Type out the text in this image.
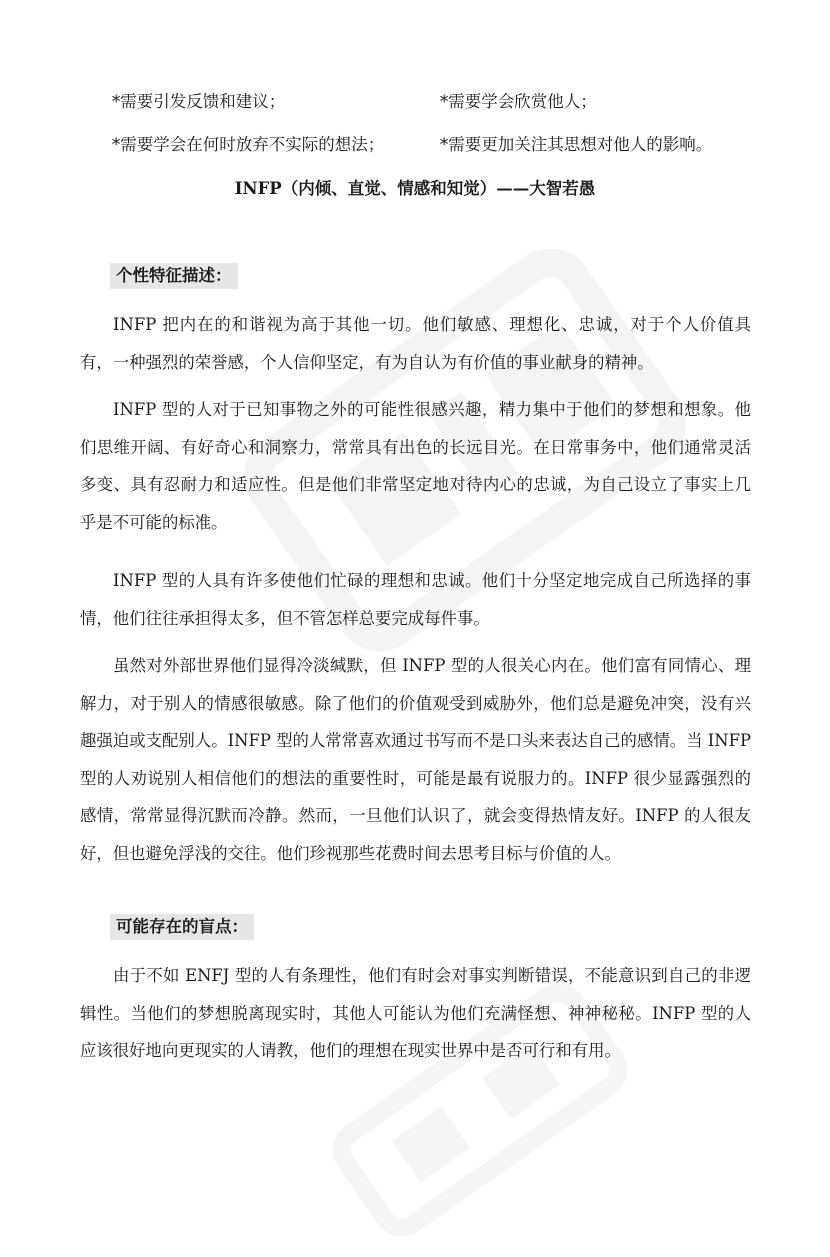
*需要引发反馈和建议；	*需要学会欣赏他人；
*需要学会在何时放弃不实际的想法；	*需要更加关注其思想对他人的影响。
INFP（内倾、直觉、情感和知觉）——大智若愚
个性特征描述：

INFP 把内在的和谐视为高于其他一切。他们敏感、理想化、忠诚，对于个人价值具有，一种强烈的荣誉感，个人信仰坚定，有为自认为有价值的事业献身的精神。

INFP 型的人对于已知事物之外的可能性很感兴趣，精力集中于他们的梦想和想象。他们思维开阔、有好奇心和洞察力，常常具有出色的长远目光。在日常事务中，他们通常灵活多变、具有忍耐力和适应性。但是他们非常坚定地对待内心的忠诚，为自己设立了事实上几乎是不可能的标准。

INFP 型的人具有许多使他们忙碌的理想和忠诚。他们十分坚定地完成自己所选择的事情，他们往往承担得太多，但不管怎样总要完成每件事。

虽然对外部世界他们显得冷淡缄默，但 INFP 型的人很关心内在。他们富有同情心、理解力，对于别人的情感很敏感。除了他们的价值观受到威胁外，他们总是避免冲突，没有兴趣强迫或支配别人。INFP 型的人常常喜欢通过书写而不是口头来表达自己的感情。当 INFP 型的人劝说别人相信他们的想法的重要性时，可能是最有说服力的。INFP 很少显露强烈的感情，常常显得沉默而冷静。然而，一旦他们认识了，就会变得热情友好。INFP 的人很友好，但也避免浮浅的交往。他们珍视那些花费时间去思考目标与价值的人。

可能存在的盲点：

由于不如 ENFJ 型的人有条理性，他们有时会对事实判断错误，不能意识到自己的非逻辑性。当他们的梦想脱离现实时，其他人可能认为他们充满怪想、神神秘秘。INFP 型的人应该很好地向更现实的人请教，他们的理想在现实世界中是否可行和有用。
